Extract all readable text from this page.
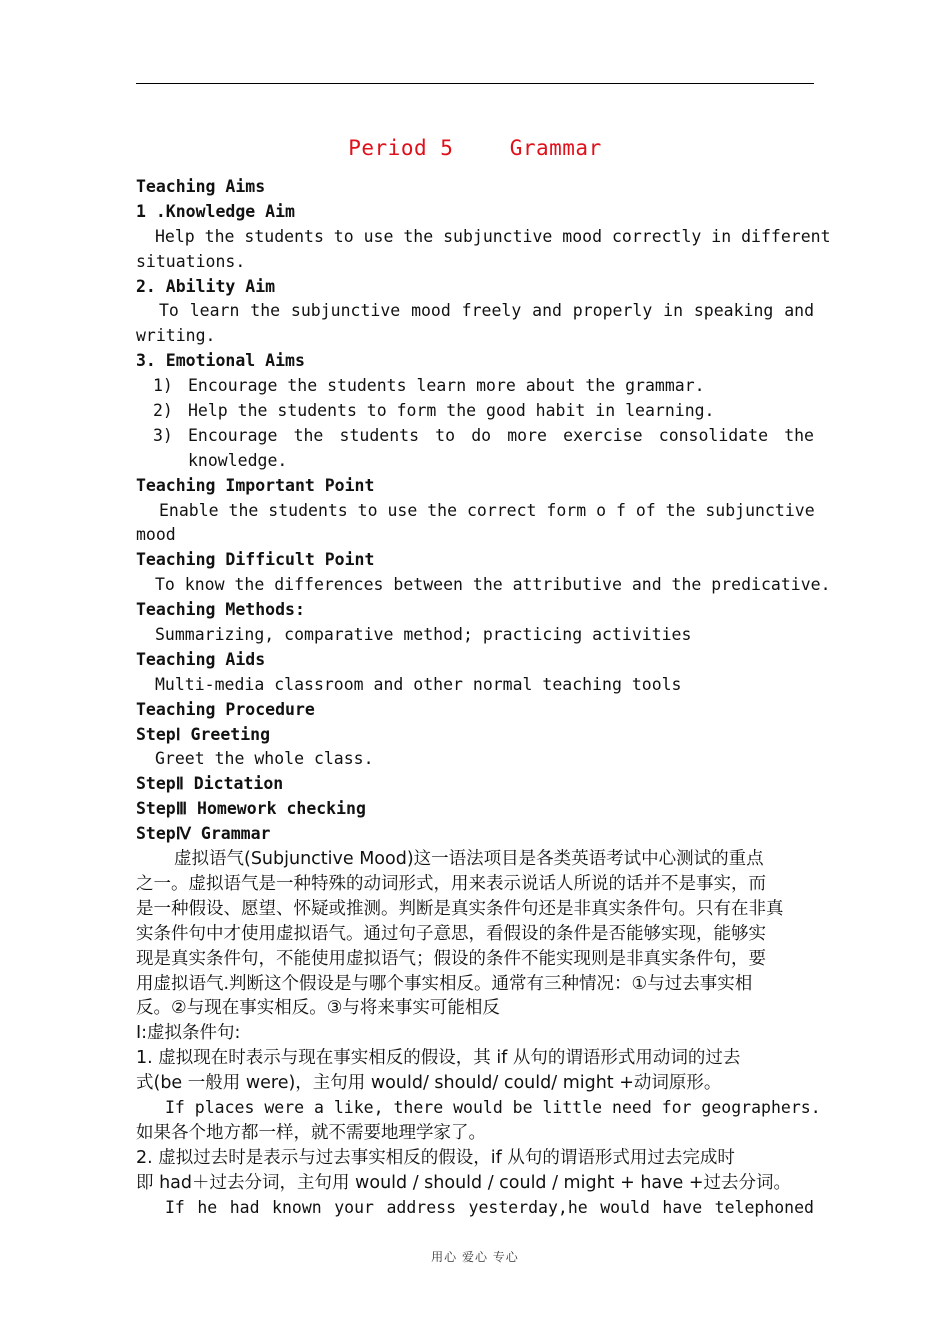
Period 5	Grammar
Teaching Aims
1 .Knowledge Aim
Help the students to use the subjunctive mood correctly in different
situations.
2. Ability Aim
To learn the subjunctive mood freely and properly in speaking and
writing.
3. Emotional Aims
1) Encourage the students learn more about the grammar.
2) Help the students to form the good habit in learning.
3) Encourage the students to do more exercise consolidate the
knowledge.
Teaching Important Point
Enable the students to use the correct form o f of the subjunctive
mood
Teaching Difficult Point
To know the differences between the attributive and the predicative.
Teaching Methods:
Summarizing, comparative method; practicing activities
Teaching Aids
Multi-media classroom and other normal teaching tools
Teaching Procedure
StepⅠ Greeting
Greet the whole class.
StepⅡ Dictation
StepⅢ Homework checking
StepⅣ Grammar
虚拟语气(Subjunctive Mood)这一语法项目是各类英语考试中心测试的重点
之一。虚拟语气是一种特殊的动词形式，用来表示说话人所说的话并不是事实，而
是一种假设、愿望、怀疑或推测。判断是真实条件句还是非真实条件句。只有在非真
实条件句中才使用虚拟语气。通过句子意思，看假设的条件是否能够实现，能够实
现是真实条件句，不能使用虚拟语气；假设的条件不能实现则是非真实条件句，要
用虚拟语气.判断这个假设是与哪个事实相反。通常有三种情况：①与过去事实相
反。②与现在事实相反。③与将来事实可能相反
I:虚拟条件句:
1. 虚拟现在时表示与现在事实相反的假设，其 if 从句的谓语形式用动词的过去
式(be 一般用 were)，主句用 would/ should/ could/ might +动词原形。
If places were a like, there would be little need for geographers.
如果各个地方都一样，就不需要地理学家了。
2. 虚拟过去时是表示与过去事实相反的假设，if 从句的谓语形式用过去完成时
即 had＋过去分词，主句用 would / should / could / might + have +过去分词。
If he had known your address yesterday,he would have telephoned
用心 爱心 专心
